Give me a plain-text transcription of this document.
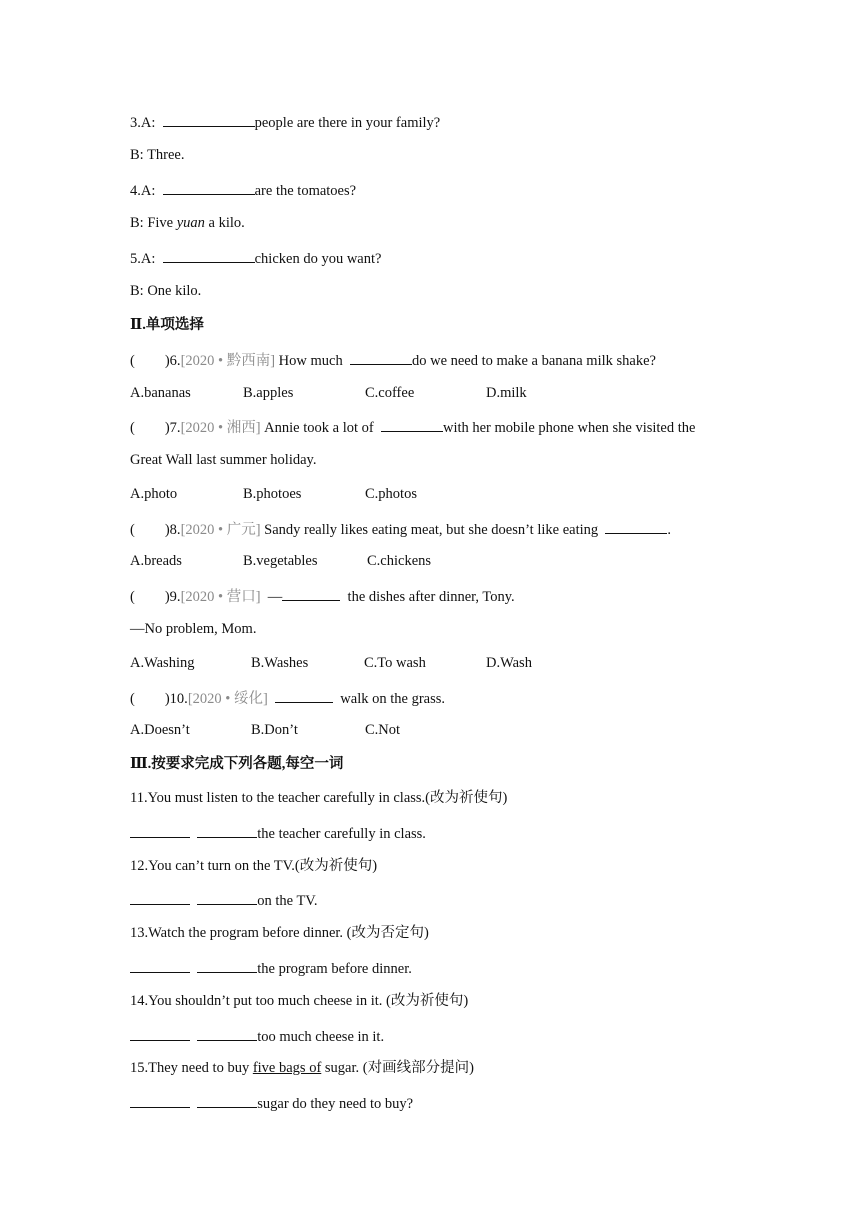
3.A:	people are there in your family?
B: Three.
4.A:	are the tomatoes?
B: Five yuan a kilo.
5.A:	chicken do you want?
B: One kilo.
Ⅱ.单项选择
( )6.[2020 • 黔西南] How much	do we need to make a banana milk shake?
A.bananas	B.apples	C.coffee	D.milk
( )7.[2020 • 湘西] Annie took a lot of	with her mobile phone when she visited the
Great Wall last summer holiday.
A.photo	B.photoes	C.photos
( )8.[2020 • 广元] Sandy really likes eating meat, but she doesn’t like eating	.
A.breads	B.vegetables	C.chickens
( )9.[2020 • 营口] —	the dishes after dinner, Tony.
—No problem, Mom.
A.Washing	B.Washes	C.To wash	D.Wash
( )10.[2020 • 绥化]	walk on the grass.
A.Doesn’t	B.Don’t	C.Not
Ⅲ.按要求完成下列各题,每空一词
11.You must listen to the teacher carefully in class.(改为祈使句)
the teacher carefully in class.
12.You can’t turn on the TV.(改为祈使句)
on the TV.
13.Watch the program before dinner. (改为否定句)
the program before dinner.
14.You shouldn’t put too much cheese in it. (改为祈使句)
too much cheese in it.
15.They need to buy five bags of sugar. (对画线部分提问)
sugar do they need to buy?
